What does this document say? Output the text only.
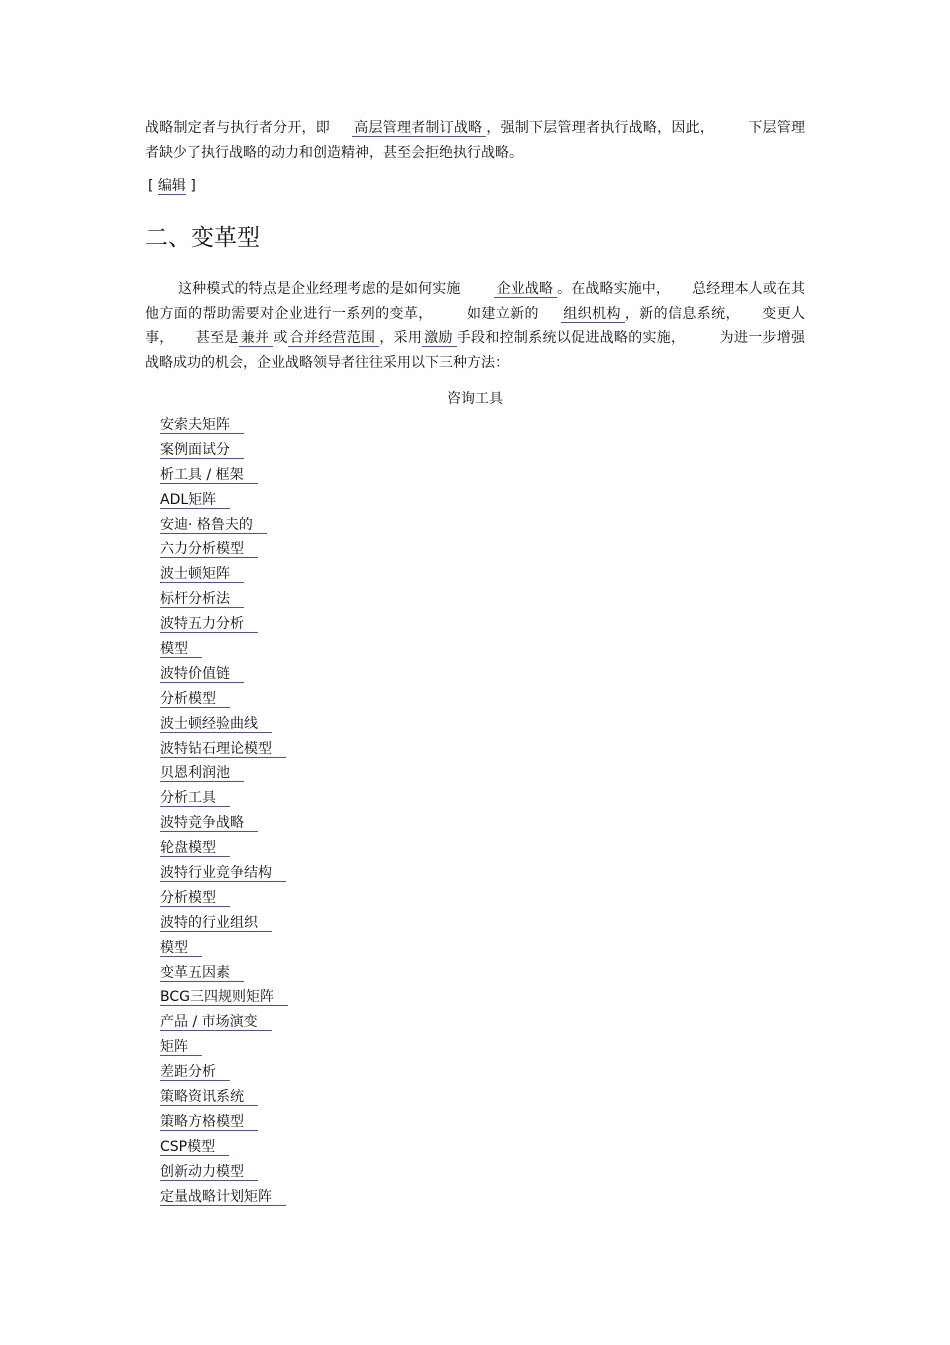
战略制定者与执行者分开，即 高层管理者制订战略 ，强制下层管理者执行战略，因此， 下层管理者缺少了执行战略的动力和创造精神，甚至会拒绝执行战略。

[ 编辑 ]
二、变革型

这种模式的特点是企业经理考虑的是如何实施	企业战略 。在战略实施中， 总经理本人或在其他方面的帮助需要对企业进行一系列的变革， 如建立新的 组织机构 ，新的信息系统， 变更人事， 甚至是 兼并 或 合并经营范围 ，采用 激励 手段和控制系统以促进战略的实施， 为进一步增强战略成功的机会，企业战略领导者往往采用以下三种方法：

咨询工具
安索夫矩阵
案例面试分
析工具 / 框架
ADL矩阵
安迪· 格鲁夫的
六力分析模型
波士顿矩阵
标杆分析法
波特五力分析
模型
波特价值链
分析模型
波士顿经验曲线
波特钻石理论模型
贝恩利润池
分析工具
波特竞争战略
轮盘模型
波特行业竞争结构
分析模型
波特的行业组织
模型
变革五因素
BCG三四规则矩阵
产品 / 市场演变
矩阵
差距分析
策略资讯系统
策略方格模型
CSP模型
创新动力模型
定量战略计划矩阵
